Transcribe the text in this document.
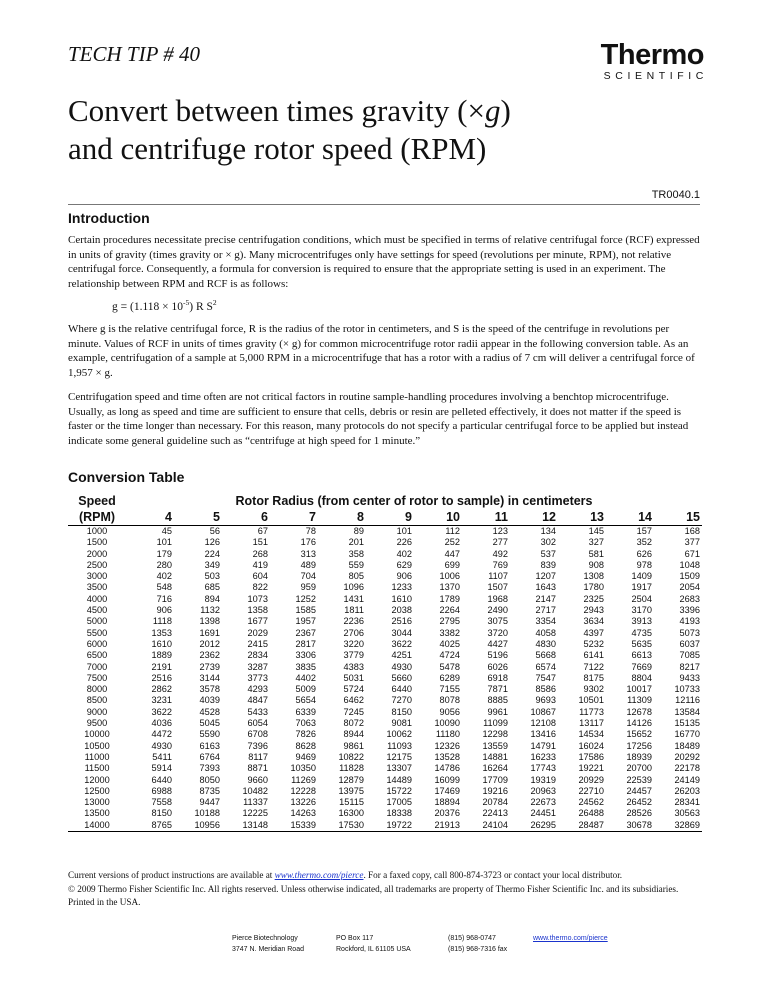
TECH TIP # 40	Thermo
SCIENTIFIC
Convert between times gravity (×g)
and centrifuge rotor speed (RPM)
TR0040.1
Introduction
Certain procedures necessitate precise centrifugation conditions, which must be specified in terms of relative centrifugal force (RCF) expressed in units of gravity (times gravity or × g). Many microcentrifuges only have settings for speed (revolutions per minute, RPM), not relative centrifugal force. Consequently, a formula for conversion is required to ensure that the appropriate setting is used in an experiment. The relationship between RPM and RCF is as follows:
$g = (1.118 \times 10^{-5})$ R $S^2$
Where g is the relative centrifugal force, R is the radius of the rotor in centimeters, and S is the speed of the centrifuge in revolutions per minute. Values of RCF in units of times gravity (× g) for common microcentrifuge rotor radii appear in the following conversion table. As an example, centrifugation of a sample at 5,000 RPM in a microcentrifuge that has a rotor with a radius of 7 cm will deliver a centrifugal force of 1,957 × g.
Centrifugation speed and time often are not critical factors in routine sample-handling procedures involving a benchtop microcentrifuge. Usually, as long as speed and time are sufficient to ensure that cells, debris or resin are pelleted effectively, it does not matter if the speed is faster or the time longer than necessary. For this reason, many protocols do not specify a particular centrifugal force to be applied but instead indicate some general guideline such as “centrifuge at high speed for 1 minute.”
Conversion Table
Speed	Rotor Radius (from center of rotor to sample) in centimeters											
(RPM)	4	5	6	7	8	9	10	11	12	13	14	15
1000	45	56	67	78	89	101	112	123	134	145	157	168
1500	101	126	151	176	201	226	252	277	302	327	352	377
2000	179	224	268	313	358	402	447	492	537	581	626	671
2500	280	349	419	489	559	629	699	769	839	908	978	1048
3000	402	503	604	704	805	906	1006	1107	1207	1308	1409	1509
3500	548	685	822	959	1096	1233	1370	1507	1643	1780	1917	2054
4000	716	894	1073	1252	1431	1610	1789	1968	2147	2325	2504	2683
4500	906	1132	1358	1585	1811	2038	2264	2490	2717	2943	3170	3396
5000	1118	1398	1677	1957	2236	2516	2795	3075	3354	3634	3913	4193
5500	1353	1691	2029	2367	2706	3044	3382	3720	4058	4397	4735	5073
6000	1610	2012	2415	2817	3220	3622	4025	4427	4830	5232	5635	6037
6500	1889	2362	2834	3306	3779	4251	4724	5196	5668	6141	6613	7085
7000	2191	2739	3287	3835	4383	4930	5478	6026	6574	7122	7669	8217
7500	2516	3144	3773	4402	5031	5660	6289	6918	7547	8175	8804	9433
8000	2862	3578	4293	5009	5724	6440	7155	7871	8586	9302	10017	10733
8500	3231	4039	4847	5654	6462	7270	8078	8885	9693	10501	11309	12116
9000	3622	4528	5433	6339	7245	8150	9056	9961	10867	11773	12678	13584
9500	4036	5045	6054	7063	8072	9081	10090	11099	12108	13117	14126	15135
10000	4472	5590	6708	7826	8944	10062	11180	12298	13416	14534	15652	16770
10500	4930	6163	7396	8628	9861	11093	12326	13559	14791	16024	17256	18489
11000	5411	6764	8117	9469	10822	12175	13528	14881	16233	17586	18939	20292
11500	5914	7393	8871	10350	11828	13307	14786	16264	17743	19221	20700	22178
12000	6440	8050	9660	11269	12879	14489	16099	17709	19319	20929	22539	24149
12500	6988	8735	10482	12228	13975	15722	17469	19216	20963	22710	24457	26203
13000	7558	9447	11337	13226	15115	17005	18894	20784	22673	24562	26452	28341
13500	8150	10188	12225	14263	16300	18338	20376	22413	24451	26488	28526	30563
14000	8765	10956	13148	15339	17530	19722	21913	24104	26295	28487	30678	32869
Current versions of product instructions are available at www.thermo.com/pierce. For a faxed copy, call 800-874-3723 or contact your local distributor.
© 2009 Thermo Fisher Scientific Inc. All rights reserved. Unless otherwise indicated, all trademarks are property of Thermo Fisher Scientific Inc. and its subsidiaries. Printed in the USA.
Pierce Biotechnology
3747 N. Meridian Road
PO Box 117
Rockford, IL 61105 USA
(815) 968-0747
(815) 968-7316 fax
www.thermo.com/pierce
